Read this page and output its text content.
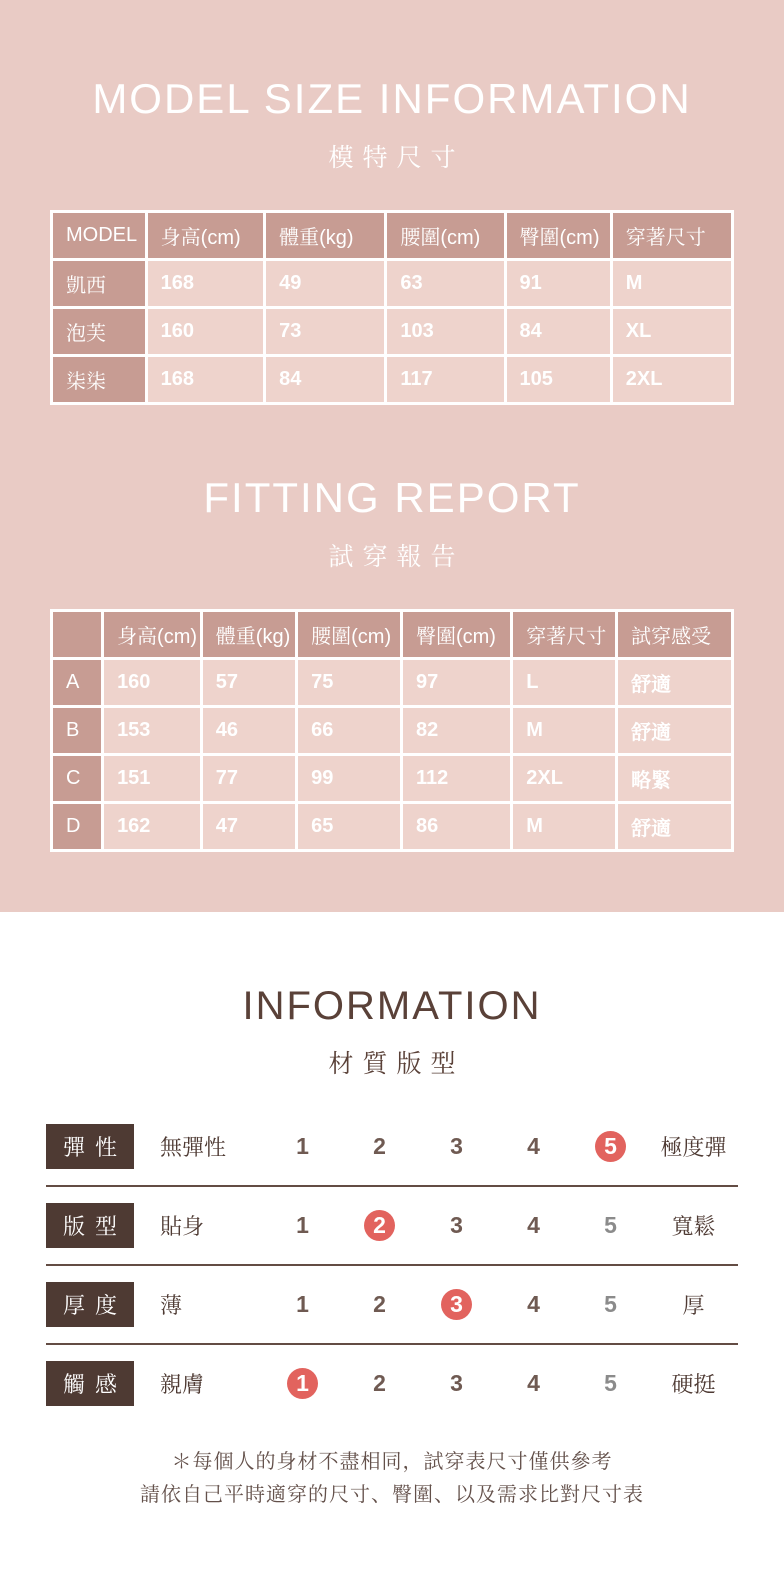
MODEL SIZE INFORMATION
模特尺寸
MODEL	身高(cm)	體重(kg)	腰圍(cm)	臀圍(cm)	穿著尺寸
凱西	168	49	63	91	M
泡芙	160	73	103	84	XL
柒柒	168	84	117	105	2XL
FITTING REPORT
試穿報告
	身高(cm)	體重(kg)	腰圍(cm)	臀圍(cm)	穿著尺寸	試穿感受
A	160	57	75	97	L	舒適
B	153	46	66	82	M	舒適
C	151	77	99	112	2XL	略緊
D	162	47	65	86	M	舒適
INFORMATION
材質版型
彈性	無彈性	1	2	3	4	5	極度彈
版型	貼身	1	2	3	4	5	寬鬆
厚度	薄	1	2	3	4	5	厚
觸感	親膚	1	2	3	4	5	硬挺
＊每個人的身材不盡相同，試穿表尺寸僅供參考
請依自己平時適穿的尺寸、臀圍、以及需求比對尺寸表
